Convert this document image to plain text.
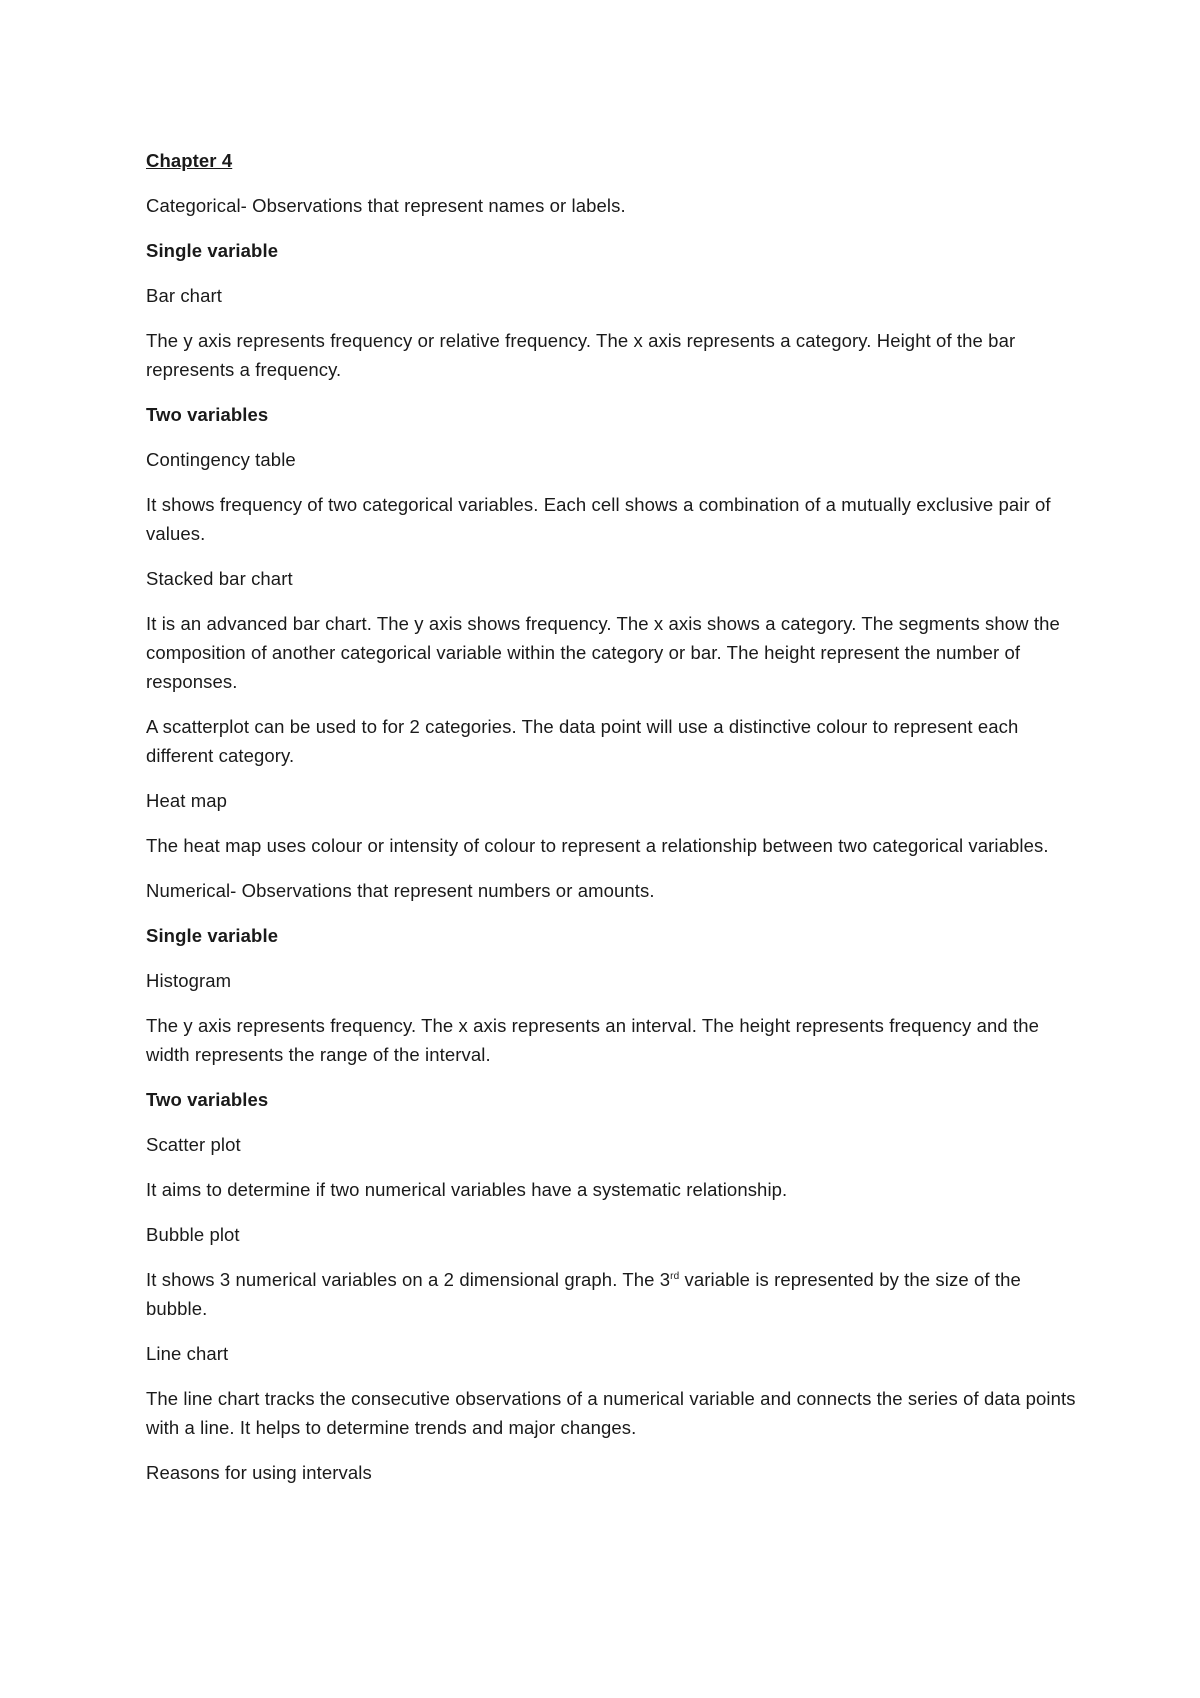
Chapter 4

Categorical- Observations that represent names or labels.

Single variable

Bar chart

The y axis represents frequency or relative frequency. The x axis represents a category. Height of the bar represents a frequency.

Two variables

Contingency table

It shows frequency of two categorical variables. Each cell shows a combination of a mutually exclusive pair of values.

Stacked bar chart

It is an advanced bar chart. The y axis shows frequency. The x axis shows a category. The segments show the composition of another categorical variable within the category or bar. The height represent the number of responses.

A scatterplot can be used to for 2 categories. The data point will use a distinctive colour to represent each different category.

Heat map

The heat map uses colour or intensity of colour to represent a relationship between two categorical variables.

Numerical- Observations that represent numbers or amounts.

Single variable

Histogram

The y axis represents frequency. The x axis represents an interval. The height represents frequency and the width represents the range of the interval.

Two variables

Scatter plot

It aims to determine if two numerical variables have a systematic relationship.

Bubble plot

It shows 3 numerical variables on a 2 dimensional graph. The 3rd variable is represented by the size of the bubble.

Line chart

The line chart tracks the consecutive observations of a numerical variable and connects the series of data points with a line. It helps to determine trends and major changes.

Reasons for using intervals
